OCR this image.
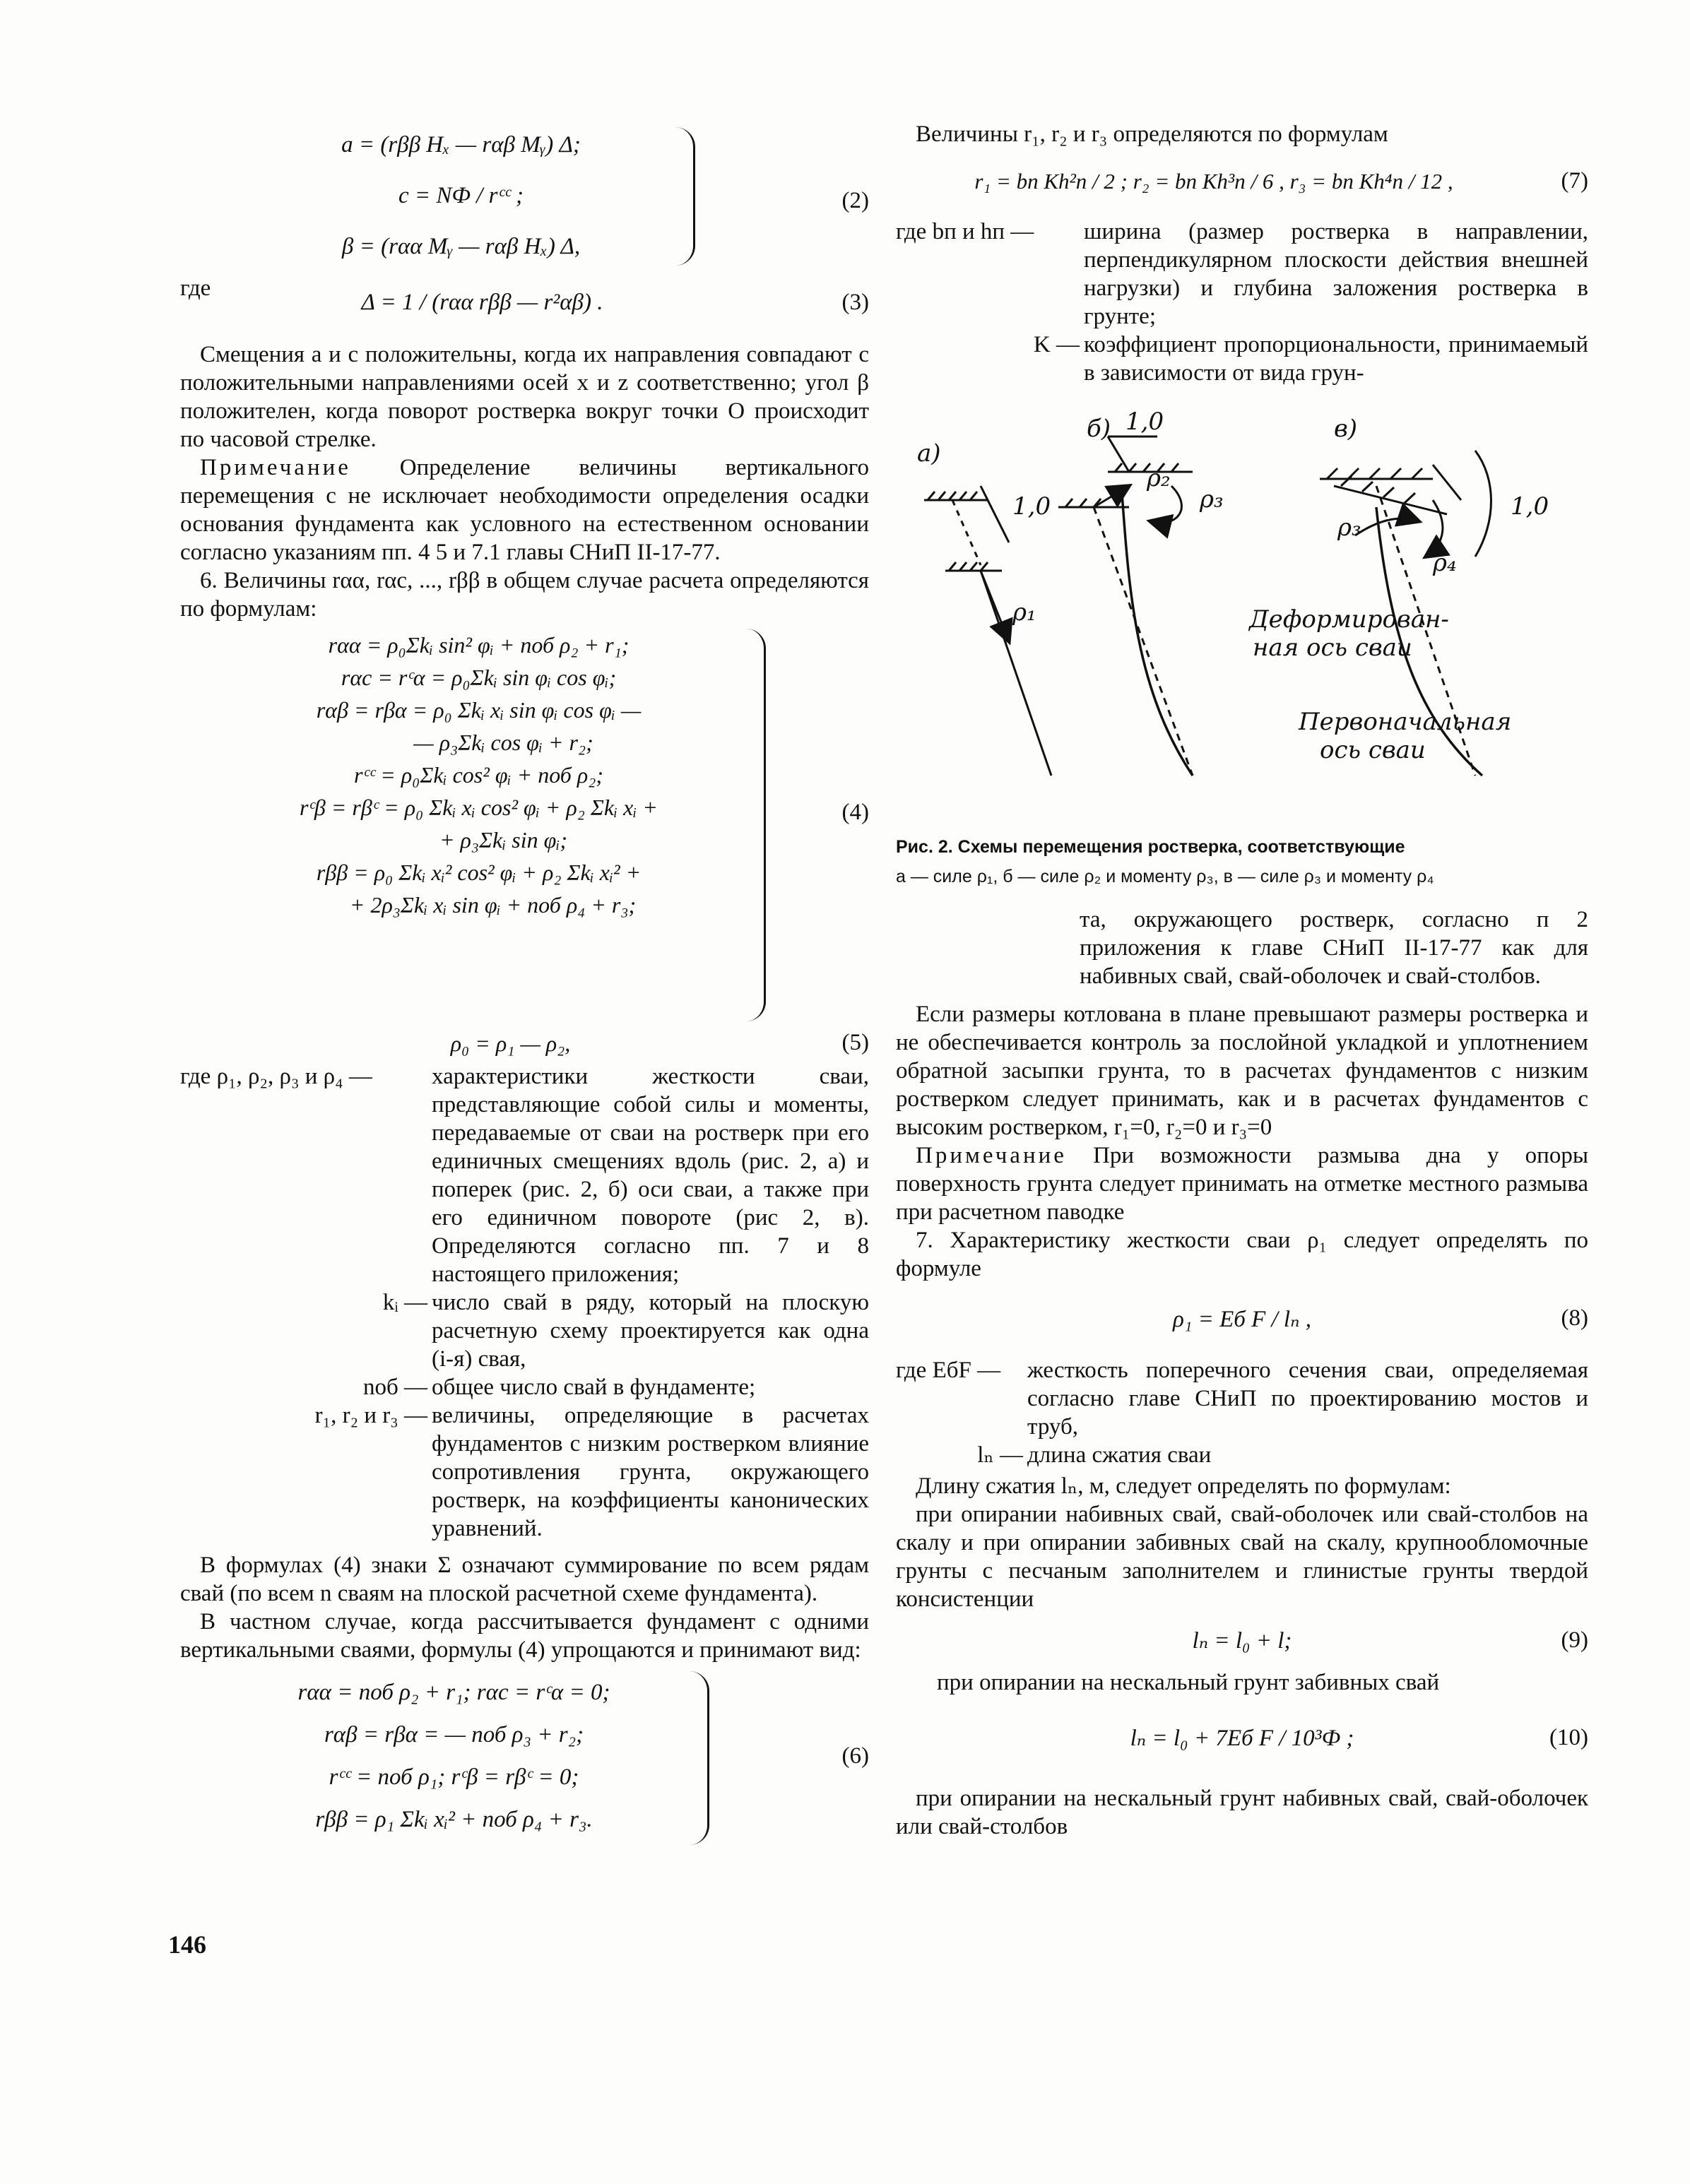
a = (rββ Hₓ — rαβ Mᵧ) Δ;

c = NФ / rᶜᶜ ;

β = (rαα Mᵧ — rαβ Hₓ) Δ,

(2)
где

Δ = 1 / (rαα rββ — r²αβ) .	(3)

Смещения a и c положительны, когда их направления совпадают с положительными направлениями осей x и z соответственно; угол β положителен, когда поворот ростверка вокруг точки O происходит по часовой стрелке.

Примечание Определение величины вертикального перемещения c не исключает необходимости определения осадки основания фундамента как условного на естественном основании согласно указаниям пп. 4 5 и 7.1 главы СНиП II-17-77.

6. Величины rαα, rαc, ..., rββ в общем случае расчета определяются по формулам:

rαα = ρ₀Σkᵢ sin² φᵢ + nоб ρ₂ + r₁;

rαc = rᶜα = ρ₀Σkᵢ sin φᵢ cos φᵢ;

rαβ = rβα = ρ₀ Σkᵢ xᵢ sin φᵢ cos φᵢ —

— ρ₃Σkᵢ cos φᵢ + r₂;

rᶜᶜ = ρ₀Σkᵢ cos² φᵢ + nоб ρ₂;

rᶜβ = rβᶜ = ρ₀ Σkᵢ xᵢ cos² φᵢ + ρ₂ Σkᵢ xᵢ +

+ ρ₃Σkᵢ sin φᵢ;

rββ = ρ₀ Σkᵢ xᵢ² cos² φᵢ + ρ₂ Σkᵢ xᵢ² +

+ 2ρ₃Σkᵢ xᵢ sin φᵢ + nоб ρ₄ + r₃;

(4)

ρ₀ = ρ₁ — ρ₂,	(5)
где ρ₁, ρ₂, ρ₃ и ρ₄ —	характеристики жесткости сваи, представляющие собой силы и моменты, передаваемые от сваи на ростверк при его единичных смещениях вдоль (рис. 2, а) и поперек (рис. 2, б) оси сваи, а также при его единичном повороте (рис 2, в). Определяются согласно пп. 7 и 8 настоящего приложения;
kᵢ — число свай в ряду, который на плоскую расчетную схему проектируется как одна (i-я) свая,
nоб — общее число свай в фундаменте;
r₁, r₂ и r₃ — величины, определяющие в расчетах фундаментов с низким ростверком влияние сопротивления грунта, окружающего ростверк, на коэффициенты канонических уравнений.

В формулах (4) знаки Σ означают суммирование по всем рядам свай (по всем n сваям на плоской расчетной схеме фундамента).

В частном случае, когда рассчитывается фундамент с одними вертикальными сваями, формулы (4) упрощаются и принимают вид:

rαα = nоб ρ₂ + r₁; rαc = rᶜα = 0;

rαβ = rβα = — nоб ρ₃ + r₂;

rᶜᶜ = nоб ρ₁; rᶜβ = rβᶜ = 0;

rββ = ρ₁ Σkᵢ xᵢ² + nоб ρ₄ + r₃.

(6)

Величины r₁, r₂ и r₃ определяются по формулам

r₁ = bп Kh²п / 2 ; r₂ = bп Kh³п / 6 , r₃ = bп Kh⁴п / 12 ,	(7)
где bп и hп —	ширина (размер ростверка в направлении, перпендикулярном плоскости действия внешней нагрузки) и глубина заложения ростверка в грунте;
K — коэффициент пропорциональности, принимаемый в зависимости от вида грун-
а)
б)	в)
1,0
1,0
1,0
ρ₁
ρ₂
ρ₃
ρ₃
ρ₄
Деформирован-
ная ось сваи
Первоначальная
ось сваи

Рис. 2. Схемы перемещения ростверка, соответствующие

а — силе ρ₁, б — силе ρ₂ и моменту ρ₃, в — силе ρ₃ и моменту ρ₄

та, окружающего ростверк, согласно п 2 приложения к главе СНиП II-17-77 как для набивных свай, свай-оболочек и свай-столбов.

Если размеры котлована в плане превышают размеры ростверка и не обеспечивается контроль за послойной укладкой и уплотнением обратной засыпки грунта, то в расчетах фундаментов с низким ростверком следует принимать, как и в расчетах фундаментов с высоким ростверком, r₁=0, r₂=0 и r₃=0

Примечание При возможности размыва дна у опоры поверхность грунта следует принимать на отметке местного размыва при расчетном паводке

7. Характеристику жесткости сваи ρ₁ следует определять по формуле

ρ₁ = Eб F / lₙ ,	(8)
где EбF —	жесткость поперечного сечения сваи, определяемая согласно главе СНиП по проектированию мостов и труб,
lₙ — длина сжатия сваи

Длину сжатия lₙ, м, следует определять по формулам:

при опирании набивных свай, свай-оболочек или свай-столбов на скалу и при опирании забивных свай на скалу, крупнообломочные грунты с песчаным заполнителем и глинистые грунты твердой консистенции

lₙ = l₀ + l;	(9)

при опирании на нескальный грунт забивных свай

lₙ = l₀ + 7Eб F / 10³Ф ;	(10)

при опирании на нескальный грунт набивных свай, свай-оболочек или свай-столбов

146
